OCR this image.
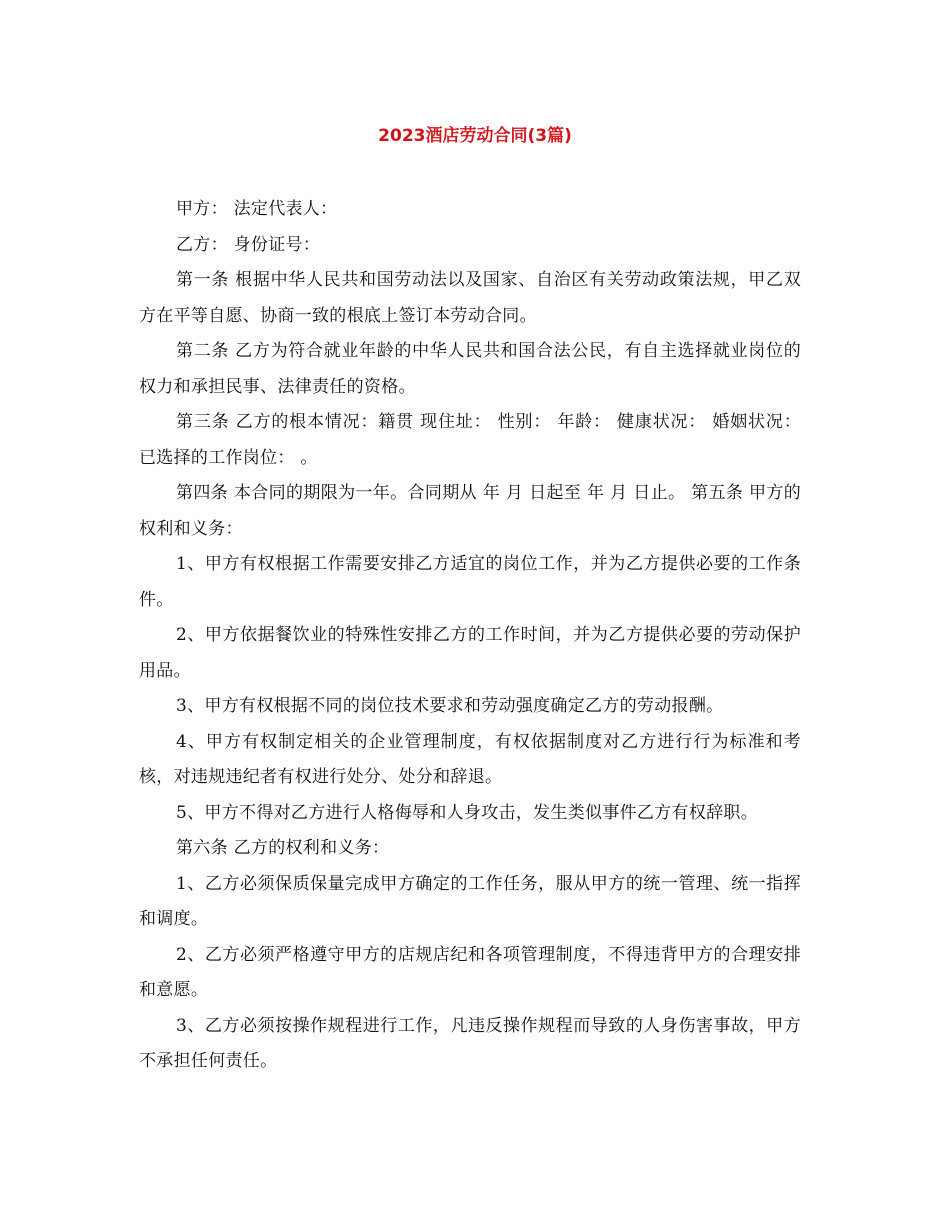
2023酒店劳动合同(3篇)

甲方： 法定代表人：

乙方： 身份证号：

第一条 根据中华人民共和国劳动法以及国家、自治区有关劳动政策法规，甲乙双方在平等自愿、协商一致的根底上签订本劳动合同。

第二条 乙方为符合就业年龄的中华人民共和国合法公民，有自主选择就业岗位的权力和承担民事、法律责任的资格。

第三条 乙方的根本情况：籍贯 现住址： 性别： 年龄： 健康状况： 婚姻状况： 已选择的工作岗位： 。

第四条 本合同的期限为一年。合同期从 年 月 日起至 年 月 日止。 第五条 甲方的权利和义务：

1、甲方有权根据工作需要安排乙方适宜的岗位工作，并为乙方提供必要的工作条件。

2、甲方依据餐饮业的特殊性安排乙方的工作时间，并为乙方提供必要的劳动保护用品。

3、甲方有权根据不同的岗位技术要求和劳动强度确定乙方的劳动报酬。

4、甲方有权制定相关的企业管理制度，有权依据制度对乙方进行行为标准和考核，对违规违纪者有权进行处分、处分和辞退。

5、甲方不得对乙方进行人格侮辱和人身攻击，发生类似事件乙方有权辞职。

第六条 乙方的权利和义务：

1、乙方必须保质保量完成甲方确定的工作任务，服从甲方的统一管理、统一指挥和调度。

2、乙方必须严格遵守甲方的店规店纪和各项管理制度，不得违背甲方的合理安排和意愿。

3、乙方必须按操作规程进行工作，凡违反操作规程而导致的人身伤害事故，甲方不承担任何责任。
